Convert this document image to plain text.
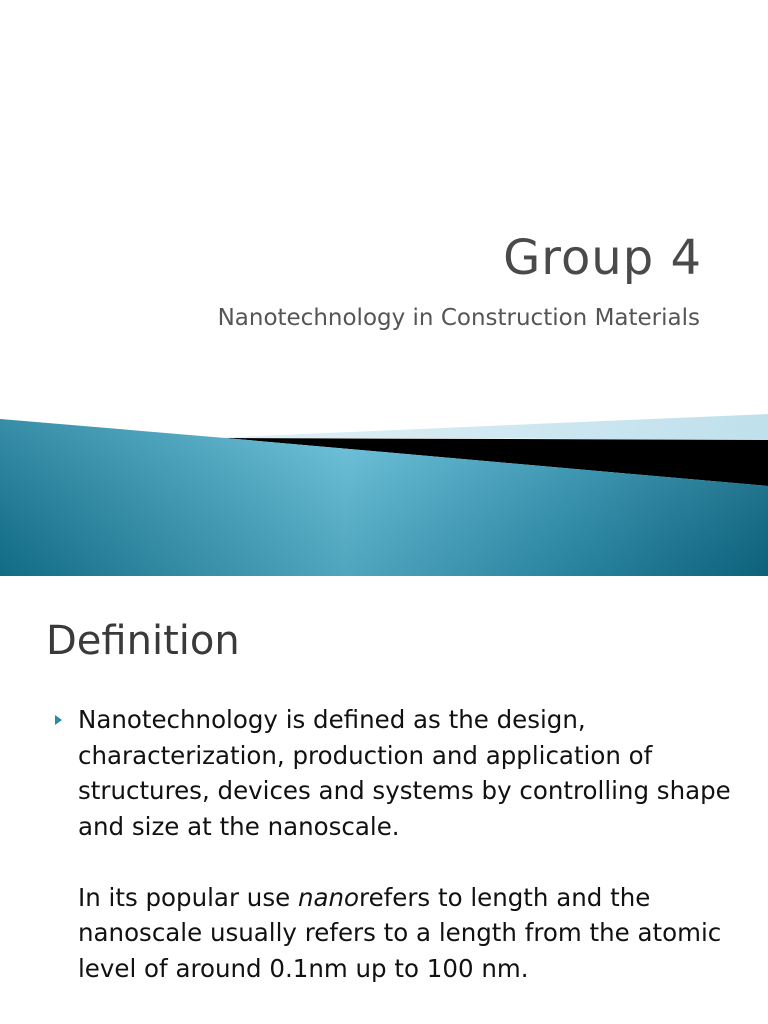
Group 4
Nanotechnology in Construction Materials
Definition

Nanotechnology is defined as the design, characterization, production and application of structures, devices and systems by controlling shape and size at the nanoscale.

In its popular use nanorefers to length and the nanoscale usually refers to a length from the atomic level of around 0.1nm up to 100 nm.
